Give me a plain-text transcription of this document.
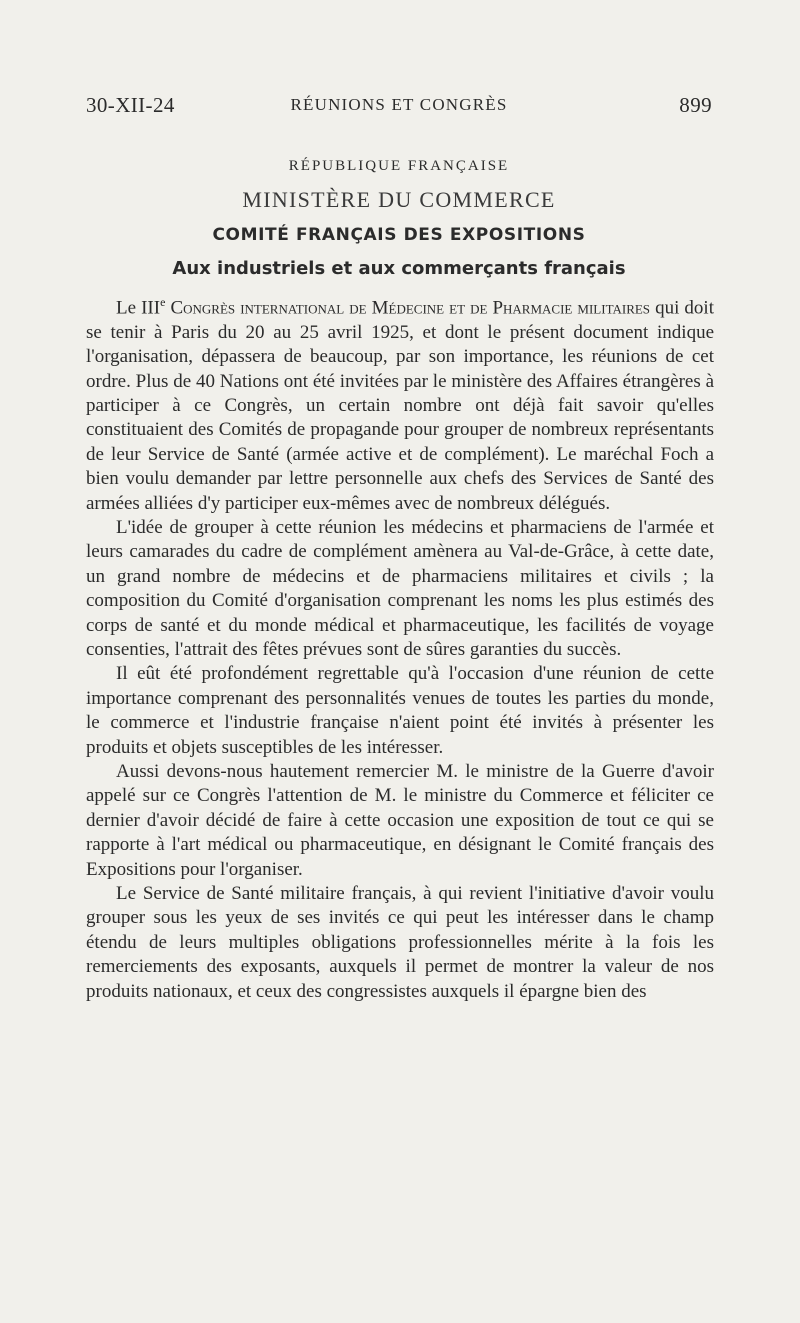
30-XII-24	RÉUNIONS ET CONGRÈS	899
RÉPUBLIQUE FRANÇAISE
MINISTÈRE DU COMMERCE
COMITÉ FRANÇAIS DES EXPOSITIONS
Aux industriels et aux commerçants français

Le IIIe Congrès international de Médecine et de Pharmacie militaires qui doit se tenir à Paris du 20 au 25 avril 1925, et dont le présent document indique l'organisation, dépassera de beaucoup, par son importance, les réunions de cet ordre. Plus de 40 Nations ont été invitées par le ministère des Affaires étrangères à participer à ce Congrès, un certain nombre ont déjà fait savoir qu'elles constituaient des Comités de propagande pour grouper de nombreux représentants de leur Service de Santé (armée active et de complément). Le maréchal Foch a bien voulu demander par lettre personnelle aux chefs des Services de Santé des armées alliées d'y participer eux-mêmes avec de nombreux délégués.

L'idée de grouper à cette réunion les médecins et pharmaciens de l'armée et leurs camarades du cadre de complément amènera au Val-de-Grâce, à cette date, un grand nombre de médecins et de pharmaciens militaires et civils ; la composition du Comité d'organisation comprenant les noms les plus estimés des corps de santé et du monde médical et pharmaceutique, les facilités de voyage consenties, l'attrait des fêtes prévues sont de sûres garanties du succès.

Il eût été profondément regrettable qu'à l'occasion d'une réunion de cette importance comprenant des personnalités venues de toutes les parties du monde, le commerce et l'industrie française n'aient point été invités à présenter les produits et objets susceptibles de les intéresser.

Aussi devons-nous hautement remercier M. le ministre de la Guerre d'avoir appelé sur ce Congrès l'attention de M. le ministre du Commerce et féliciter ce dernier d'avoir décidé de faire à cette occasion une exposition de tout ce qui se rapporte à l'art médical ou pharmaceutique, en désignant le Comité français des Expositions pour l'organiser.

Le Service de Santé militaire français, à qui revient l'initiative d'avoir voulu grouper sous les yeux de ses invités ce qui peut les intéresser dans le champ étendu de leurs multiples obligations professionnelles mérite à la fois les remerciements des exposants, auxquels il permet de montrer la valeur de nos produits nationaux, et ceux des congressistes auxquels il épargne bien des
